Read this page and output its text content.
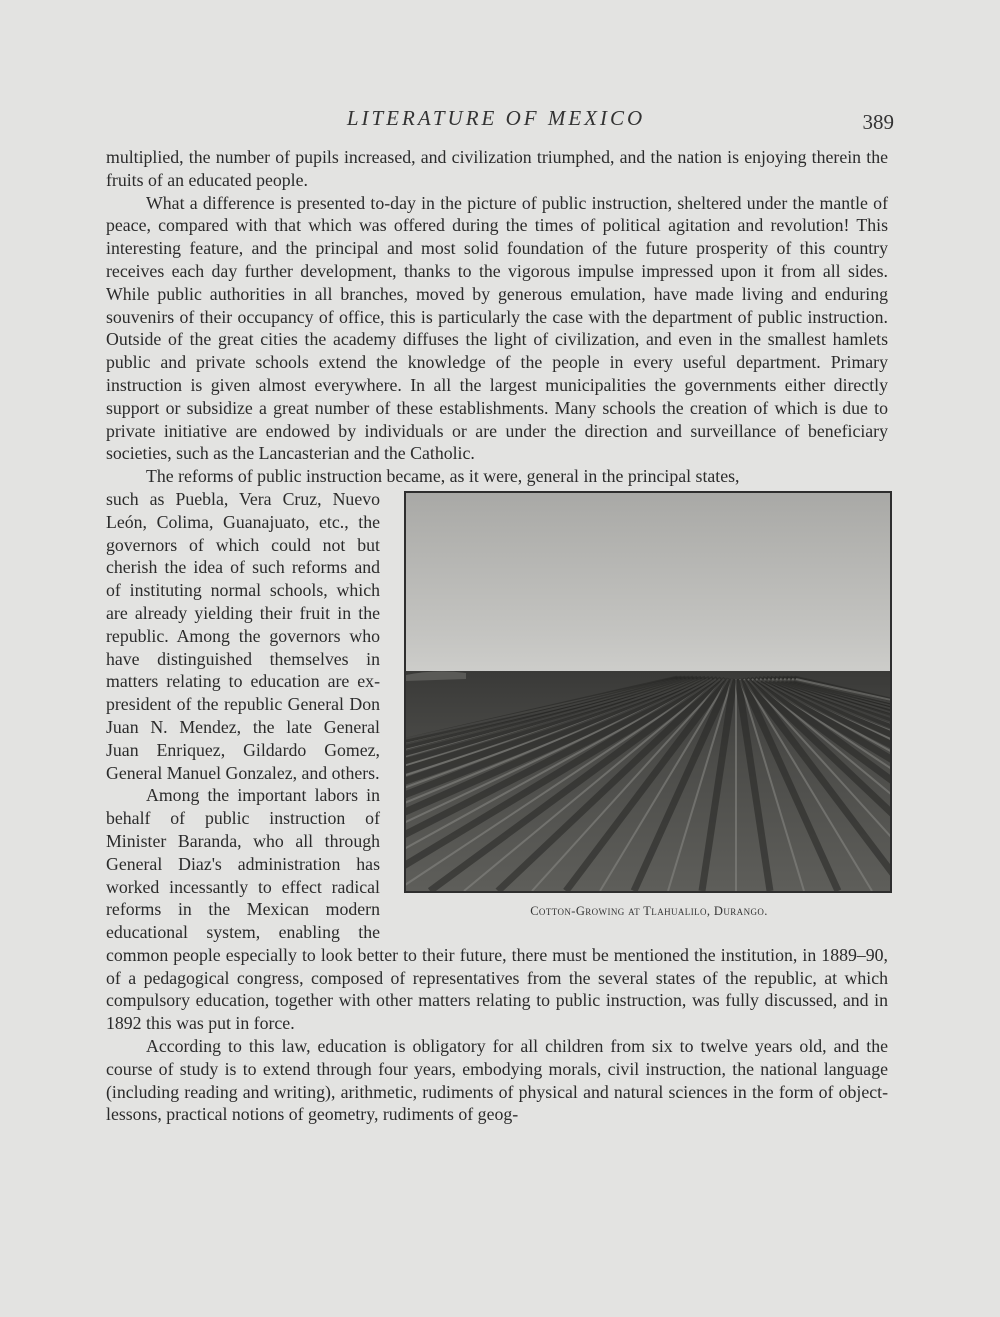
LITERATURE OF MEXICO	389

multiplied, the number of pupils increased, and civilization triumphed, and the nation is enjoying therein the fruits of an educated people.

What a difference is presented to-day in the picture of public instruction, sheltered under the mantle of peace, compared with that which was offered during the times of political agitation and revolution! This interesting feature, and the principal and most solid foundation of the future prosperity of this country receives each day further development, thanks to the vigorous impulse impressed upon it from all sides. While public authorities in all branches, moved by generous emulation, have made living and enduring souvenirs of their occupancy of office, this is particularly the case with the department of public instruction. Outside of the great cities the academy diffuses the light of civilization, and even in the smallest hamlets public and private schools extend the knowledge of the people in every useful department. Primary instruction is given almost everywhere. In all the largest municipalities the governments either directly support or subsidize a great number of these establishments. Many schools the creation of which is due to private initiative are endowed by individuals or are under the direction and surveillance of beneficiary societies, such as the Lancasterian and the Catholic.

The reforms of public instruction became, as it were, general in the principal states,

Cotton-Growing at Tlahualilo, Durango.

such as Puebla, Vera Cruz, Nuevo León, Colima, Guanajuato, etc., the governors of which could not but cherish the idea of such reforms and of instituting normal schools, which are already yielding their fruit in the republic. Among the governors who have distinguished themselves in matters relating to education are ex-president of the republic General Don Juan N. Mendez, the late General Juan Enriquez, Gildardo Gomez, General Manuel Gonzalez, and others.

Among the important labors in behalf of public instruction of Minister Baranda, who all through General Diaz's administration has worked incessantly to effect radical reforms in the Mexican modern educational system, enabling the common people especially to look better to their future, there must be mentioned the institution, in 1889–90, of a pedagogical congress, composed of representatives from the several states of the republic, at which compulsory education, together with other matters relating to public instruction, was fully discussed, and in 1892 this was put in force.

According to this law, education is obligatory for all children from six to twelve years old, and the course of study is to extend through four years, embodying morals, civil instruction, the national language (including reading and writing), arithmetic, rudiments of physical and natural sciences in the form of object-lessons, practical notions of geometry, rudiments of geog-
